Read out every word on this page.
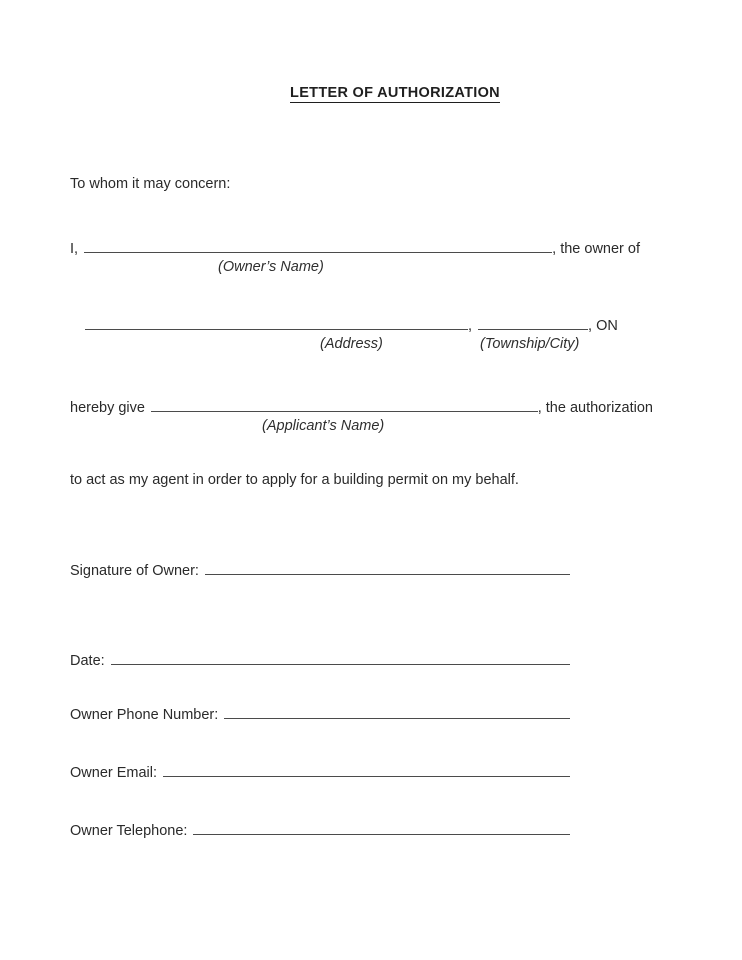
LETTER OF AUTHORIZATION
To whom it may concern:
I,	, the owner of
(Owner’s Name)
,	, ON
(Address)	(Township/City)
hereby give	, the authorization
(Applicant’s Name)
to act as my agent in order to apply for a building permit on my behalf.
Signature of Owner:
Date:
Owner Phone Number:
Owner Email:
Owner Telephone:
